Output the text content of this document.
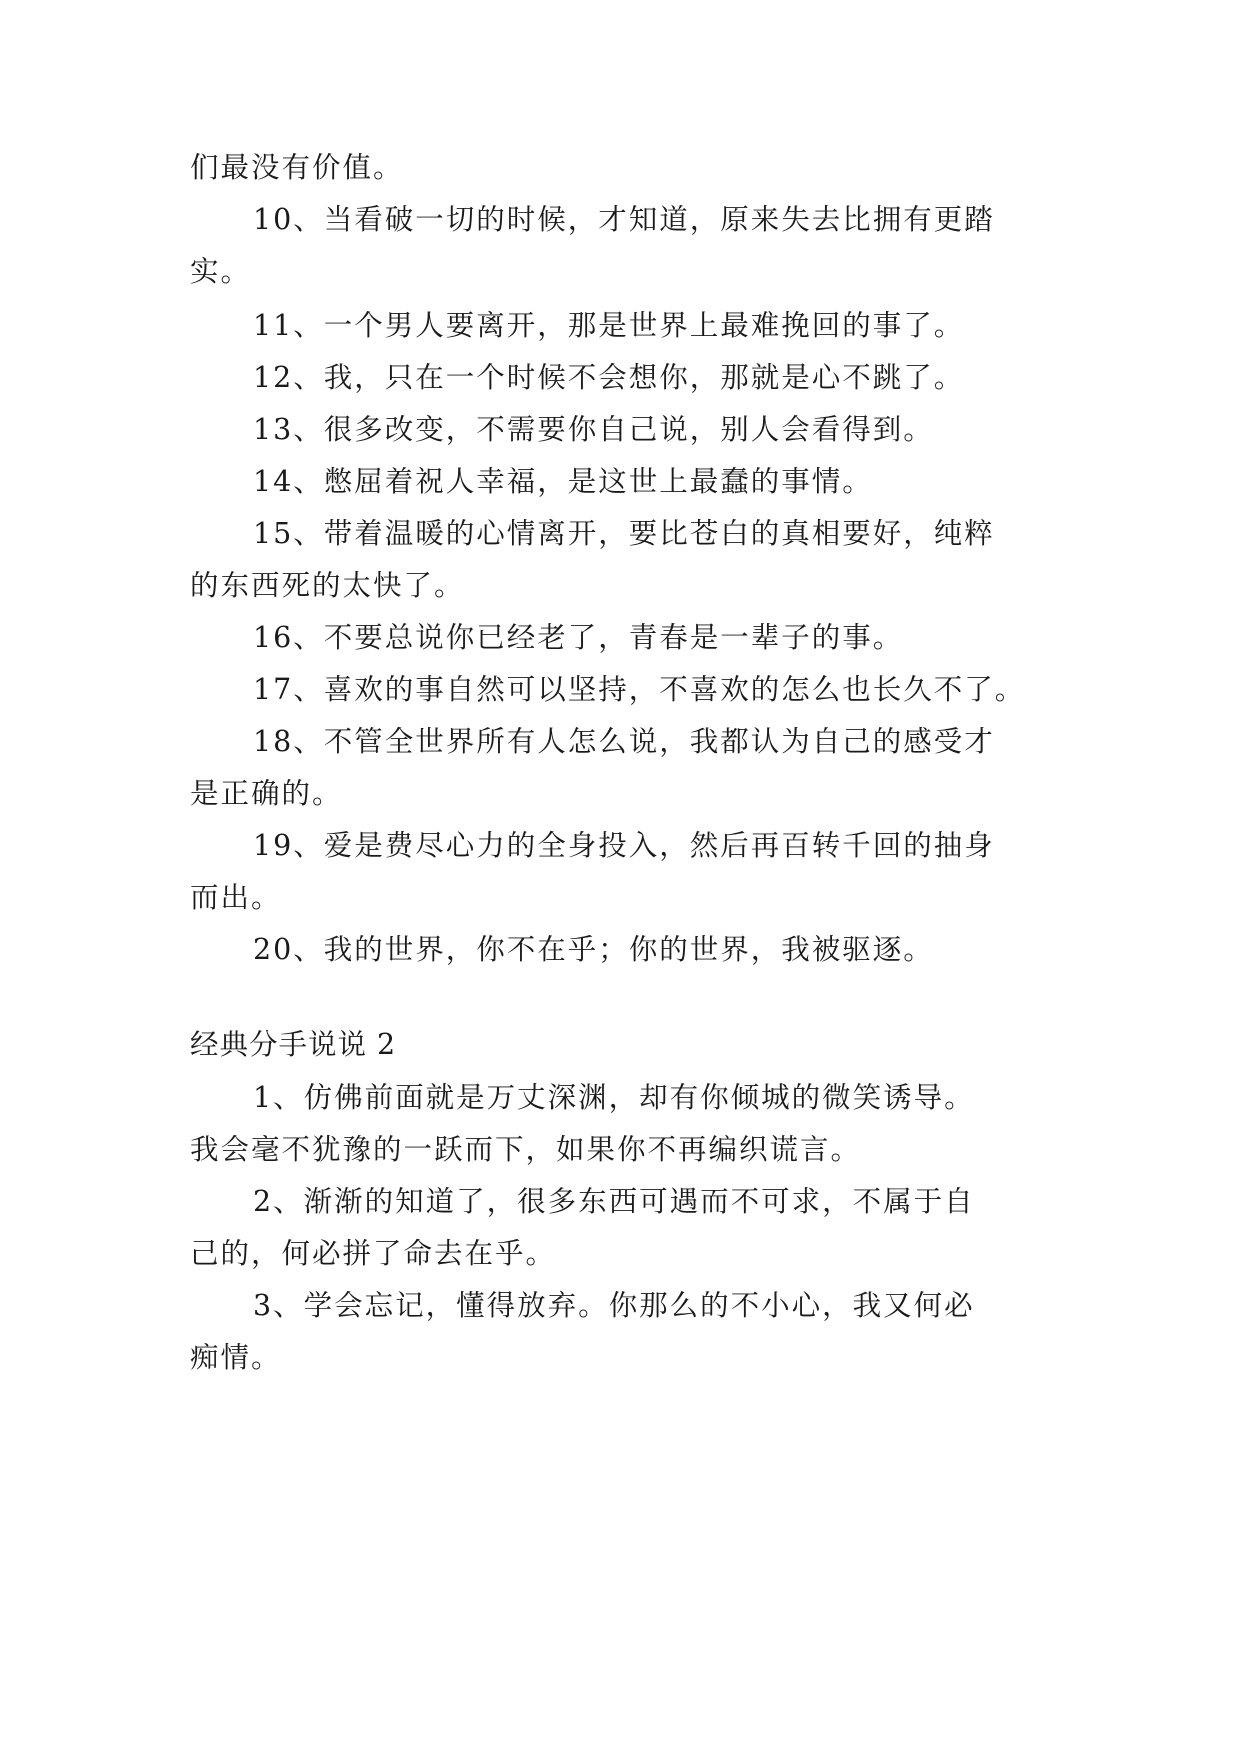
们最没有价值。
10、当看破一切的时候，才知道，原来失去比拥有更踏
实。
11、一个男人要离开，那是世界上最难挽回的事了。
12、我，只在一个时候不会想你，那就是心不跳了。
13、很多改变，不需要你自己说，别人会看得到。
14、憋屈着祝人幸福，是这世上最蠢的事情。
15、带着温暖的心情离开，要比苍白的真相要好，纯粹
的东西死的太快了。
16、不要总说你已经老了，青春是一辈子的事。
17、喜欢的事自然可以坚持，不喜欢的怎么也长久不了。
18、不管全世界所有人怎么说，我都认为自己的感受才
是正确的。
19、爱是费尽心力的全身投入，然后再百转千回的抽身
而出。
20、我的世界，你不在乎；你的世界，我被驱逐。
经典分手说说 2
1、仿佛前面就是万丈深渊，却有你倾城的微笑诱导。
我会毫不犹豫的一跃而下，如果你不再编织谎言。
2、渐渐的知道了，很多东西可遇而不可求，不属于自
己的，何必拼了命去在乎。
3、学会忘记，懂得放弃。你那么的不小心，我又何必
痴情。
